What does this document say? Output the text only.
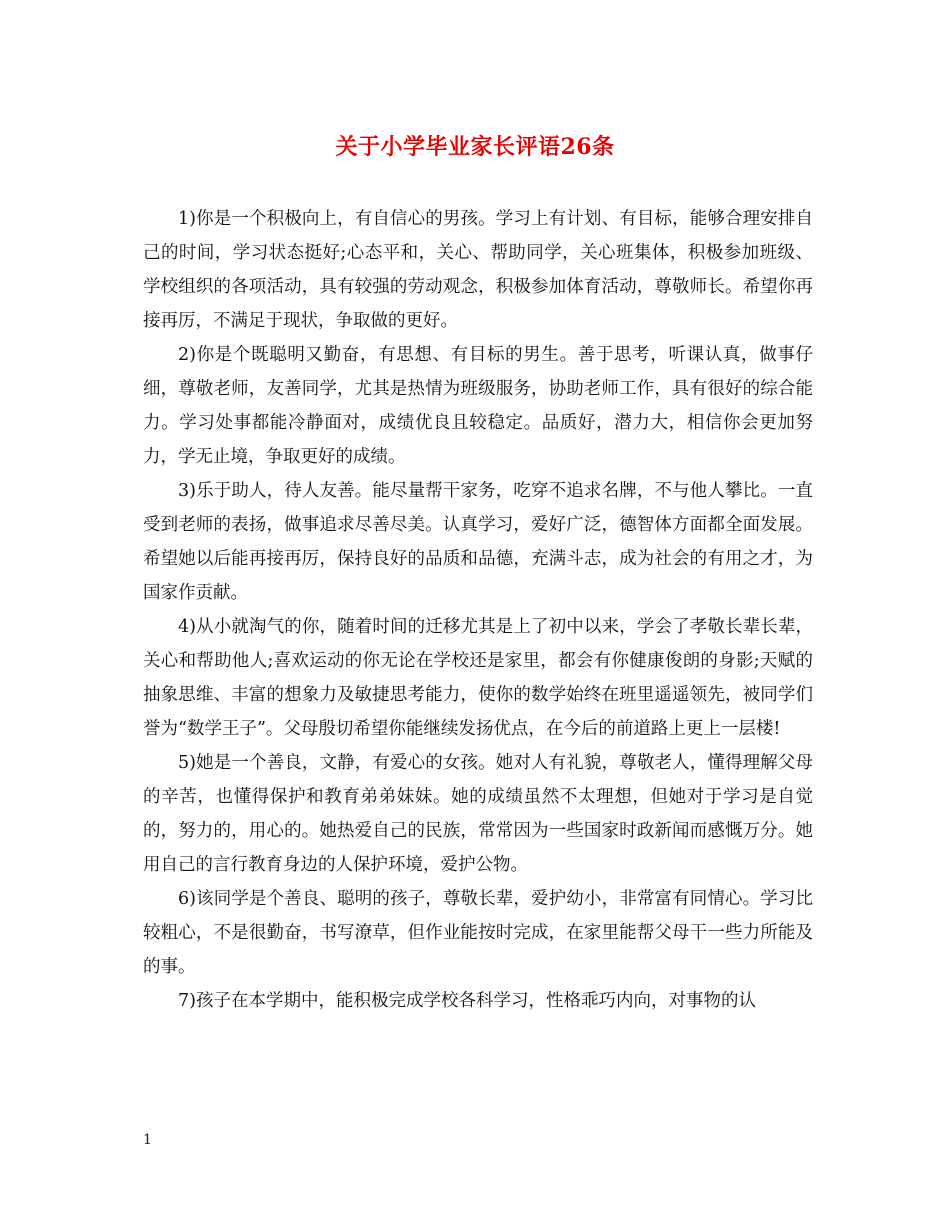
关于小学毕业家长评语26条

1)你是一个积极向上，有自信心的男孩。学习上有计划、有目标，能够合理安排自己的时间，学习状态挺好;心态平和，关心、帮助同学，关心班集体，积极参加班级、学校组织的各项活动，具有较强的劳动观念，积极参加体育活动，尊敬师长。希望你再接再厉，不满足于现状，争取做的更好。

2)你是个既聪明又勤奋，有思想、有目标的男生。善于思考，听课认真，做事仔细，尊敬老师，友善同学，尤其是热情为班级服务，协助老师工作，具有很好的综合能力。学习处事都能冷静面对，成绩优良且较稳定。品质好，潜力大，相信你会更加努力，学无止境，争取更好的成绩。

3)乐于助人，待人友善。能尽量帮干家务，吃穿不追求名牌，不与他人攀比。一直受到老师的表扬，做事追求尽善尽美。认真学习，爱好广泛，德智体方面都全面发展。希望她以后能再接再厉，保持良好的品质和品德，充满斗志，成为社会的有用之才，为国家作贡献。

4)从小就淘气的你，随着时间的迁移尤其是上了初中以来，学会了孝敬长辈长辈，关心和帮助他人;喜欢运动的你无论在学校还是家里，都会有你健康俊朗的身影;天赋的抽象思维、丰富的想象力及敏捷思考能力，使你的数学始终在班里遥遥领先，被同学们誉为“数学王子”。父母殷切希望你能继续发扬优点，在今后的前道路上更上一层楼!

5)她是一个善良，文静，有爱心的女孩。她对人有礼貌，尊敬老人，懂得理解父母的辛苦，也懂得保护和教育弟弟妹妹。她的成绩虽然不太理想，但她对于学习是自觉的，努力的，用心的。她热爱自己的民族，常常因为一些国家时政新闻而感慨万分。她用自己的言行教育身边的人保护环境，爱护公物。

6)该同学是个善良、聪明的孩子，尊敬长辈，爱护幼小，非常富有同情心。学习比较粗心，不是很勤奋，书写潦草，但作业能按时完成，在家里能帮父母干一些力所能及的事。

7)孩子在本学期中，能积极完成学校各科学习，性格乖巧内向，对事物的认

1
